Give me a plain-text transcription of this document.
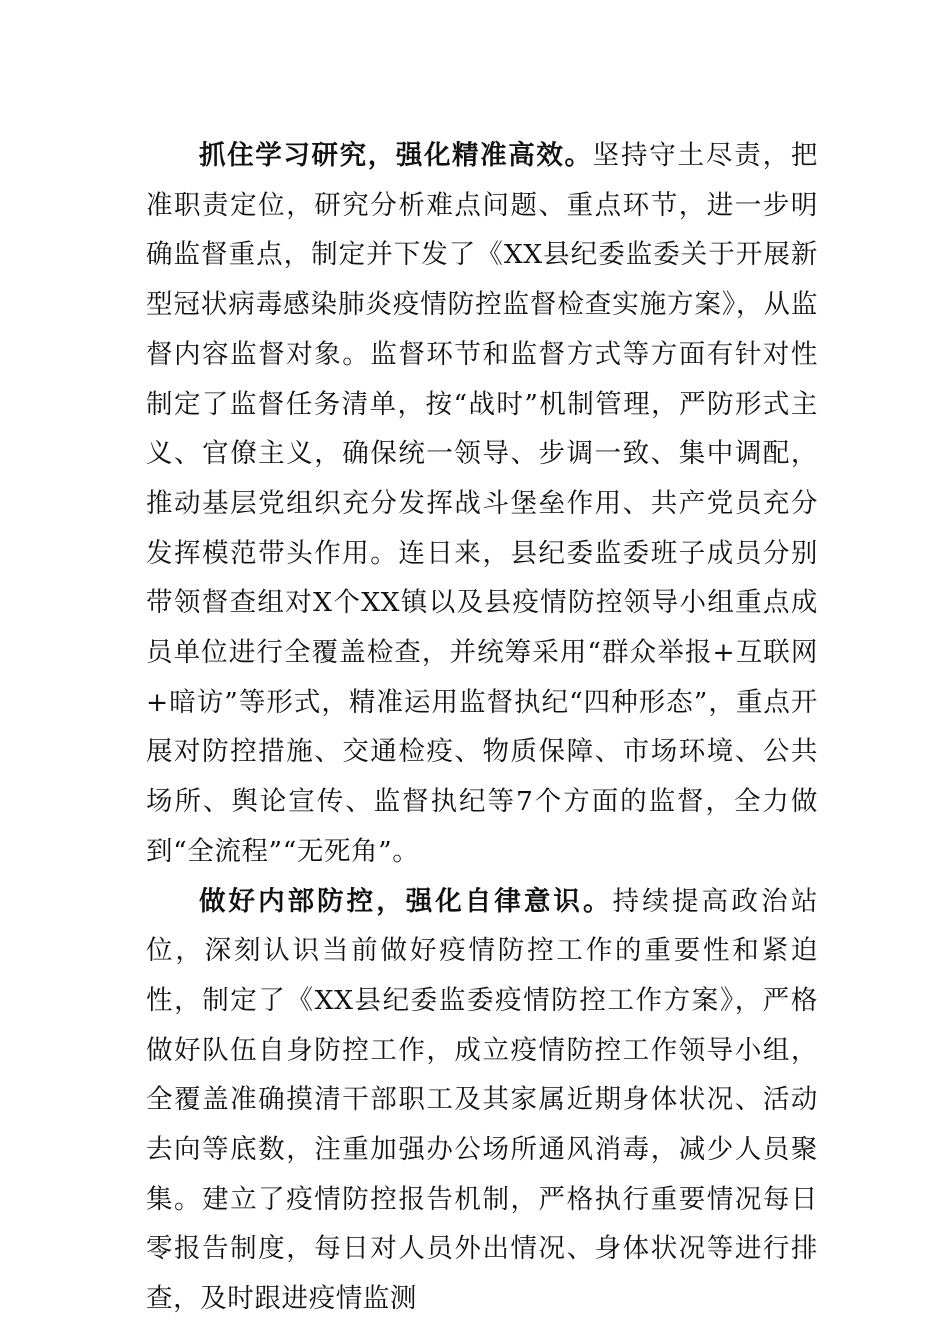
抓住学习研究，强化精准高效。坚持守土尽责，把准职责定位，研究分析难点问题、重点环节，进一步明确监督重点，制定并下发了《XX县纪委监委关于开展新型冠状病毒感染肺炎疫情防控监督检查实施方案》，从监督内容监督对象。监督环节和监督方式等方面有针对性制定了监督任务清单，按“战时”机制管理，严防形式主义、官僚主义，确保统一领导、步调一致、集中调配，推动基层党组织充分发挥战斗堡垒作用、共产党员充分发挥模范带头作用。连日来，县纪委监委班子成员分别带领督查组对X个XX镇以及县疫情防控领导小组重点成员单位进行全覆盖检查，并统筹采用“群众举报+互联网+暗访”等形式，精准运用监督执纪“四种形态”，重点开展对防控措施、交通检疫、物质保障、市场环境、公共场所、舆论宣传、监督执纪等7个方面的监督，全力做到“全流程”“无死角”。

做好内部防控，强化自律意识。持续提高政治站位，深刻认识当前做好疫情防控工作的重要性和紧迫性，制定了《XX县纪委监委疫情防控工作方案》，严格做好队伍自身防控工作，成立疫情防控工作领导小组，全覆盖准确摸清干部职工及其家属近期身体状况、活动去向等底数，注重加强办公场所通风消毒，减少人员聚集。建立了疫情防控报告机制，严格执行重要情况每日零报告制度，每日对人员外出情况、身体状况等进行排查，及时跟进疫情监测
